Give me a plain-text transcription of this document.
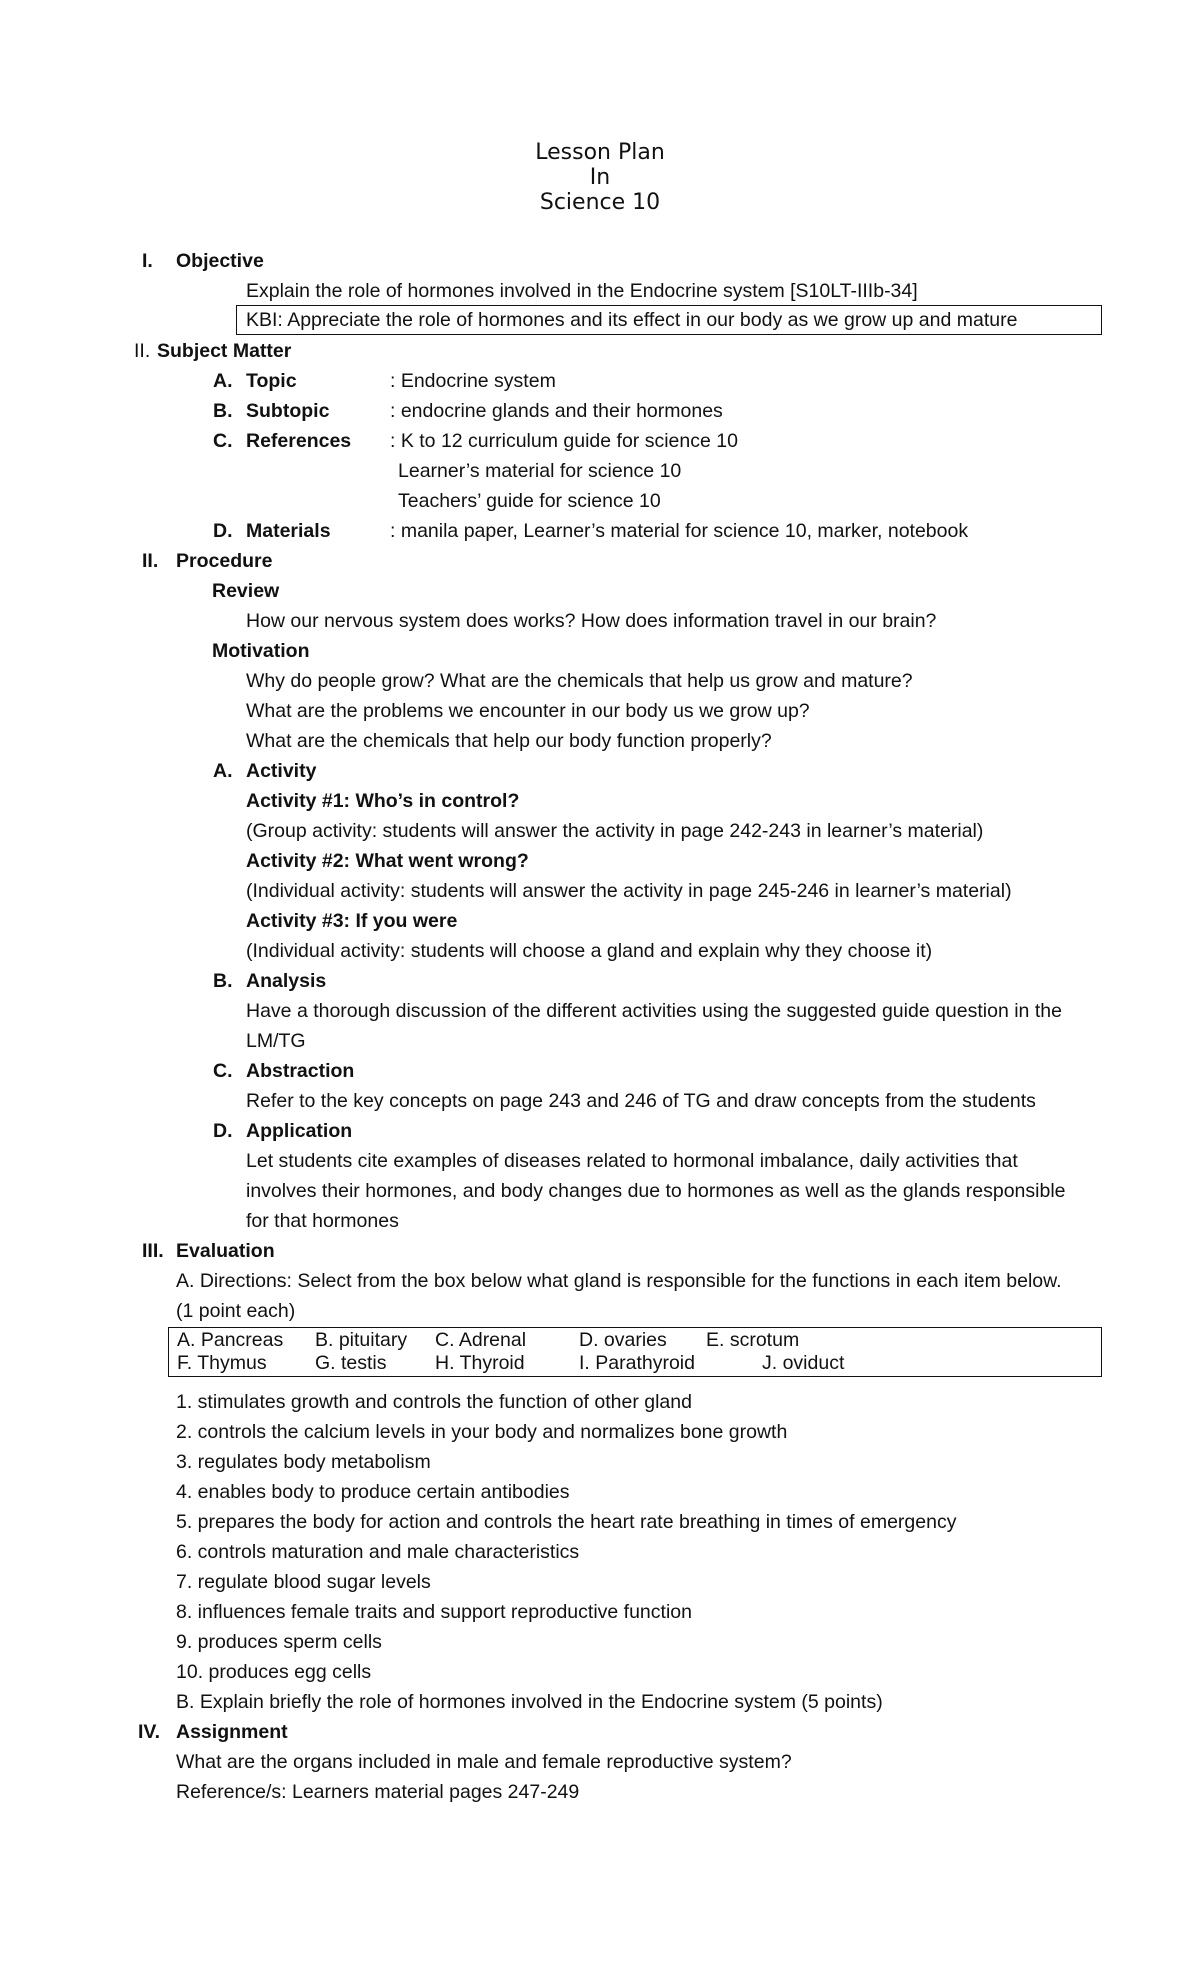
Lesson Plan
In
Science 10
I. Objective
Explain the role of hormones involved in the Endocrine system [S10LT-IIIb-34]
KBI: Appreciate the role of hormones and its effect in our body as we grow up and mature
II. Subject Matter
A. Topic	: Endocrine system
B. Subtopic	: endocrine glands and their hormones
C. References : K to 12 curriculum guide for science 10
Learner’s material for science 10
Teachers’ guide for science 10
D. Materials	: manila paper, Learner’s material for science 10, marker, notebook
II. Procedure
Review
How our nervous system does works? How does information travel in our brain?
Motivation
Why do people grow? What are the chemicals that help us grow and mature?
What are the problems we encounter in our body us we grow up?
What are the chemicals that help our body function properly?
A. Activity
Activity #1: Who’s in control?
(Group activity: students will answer the activity in page 242-243 in learner’s material)
Activity #2: What went wrong?
(Individual activity: students will answer the activity in page 245-246 in learner’s material)
Activity #3: If you were
(Individual activity: students will choose a gland and explain why they choose it)
B. Analysis
Have a thorough discussion of the different activities using the suggested guide question in the
LM/TG
C. Abstraction
Refer to the key concepts on page 243 and 246 of TG and draw concepts from the students
D. Application
Let students cite examples of diseases related to hormonal imbalance, daily activities that
involves their hormones, and body changes due to hormones as well as the glands responsible
for that hormones
III. Evaluation
A. Directions: Select from the box below what gland is responsible for the functions in each item below.
(1 point each)
A. Pancreas B. pituitary C. Adrenal	D. ovaries E. scrotum
F. Thymus G. testis H. Thyroid	I. Parathyroid	J. oviduct
1. stimulates growth and controls the function of other gland
2. controls the calcium levels in your body and normalizes bone growth
3. regulates body metabolism
4. enables body to produce certain antibodies
5. prepares the body for action and controls the heart rate breathing in times of emergency
6. controls maturation and male characteristics
7. regulate blood sugar levels
8. influences female traits and support reproductive function
9. produces sperm cells
10. produces egg cells
B. Explain briefly the role of hormones involved in the Endocrine system (5 points)
IV. Assignment
What are the organs included in male and female reproductive system?
Reference/s: Learners material pages 247-249
